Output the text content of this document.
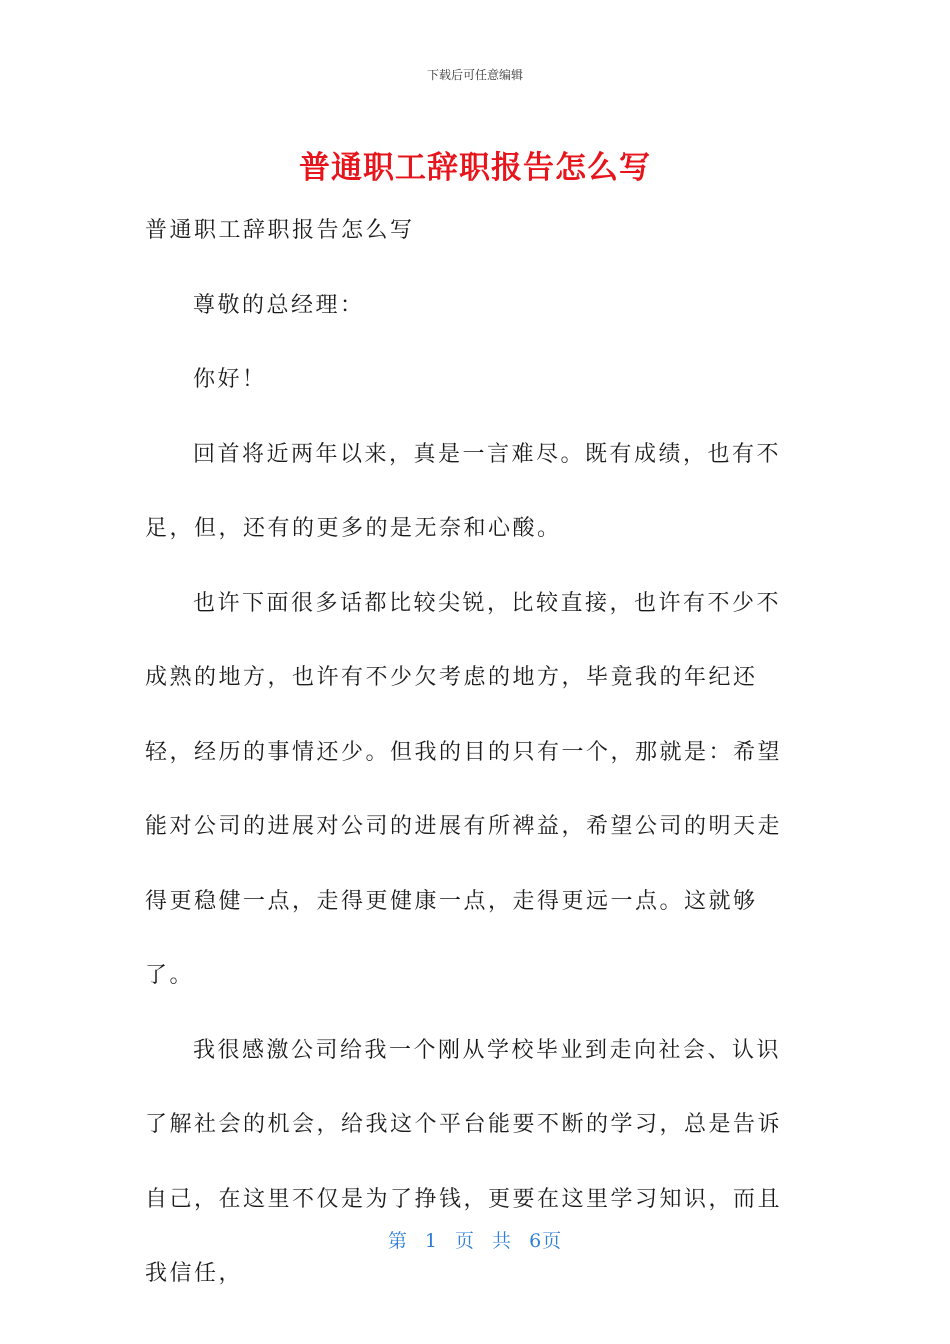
下载后可任意编辑
普通职工辞职报告怎么写

普通职工辞职报告怎么写

尊敬的总经理：

你好！

回首将近两年以来，真是一言难尽。既有成绩，也有不足，但，还有的更多的是无奈和心酸。

也许下面很多话都比较尖锐，比较直接，也许有不少不成熟的地方，也许有不少欠考虑的地方，毕竟我的年纪还轻，经历的事情还少。但我的目的只有一个，那就是：希望能对公司的进展对公司的进展有所裨益，希望公司的明天走得更稳健一点，走得更健康一点，走得更远一点。这就够了。

我很感激公司给我一个刚从学校毕业到走向社会、认识了解社会的机会，给我这个平台能要不断的学习，总是告诉自己，在这里不仅是为了挣钱，更要在这里学习知识，而且我信任，

第 1 页 共 6页
